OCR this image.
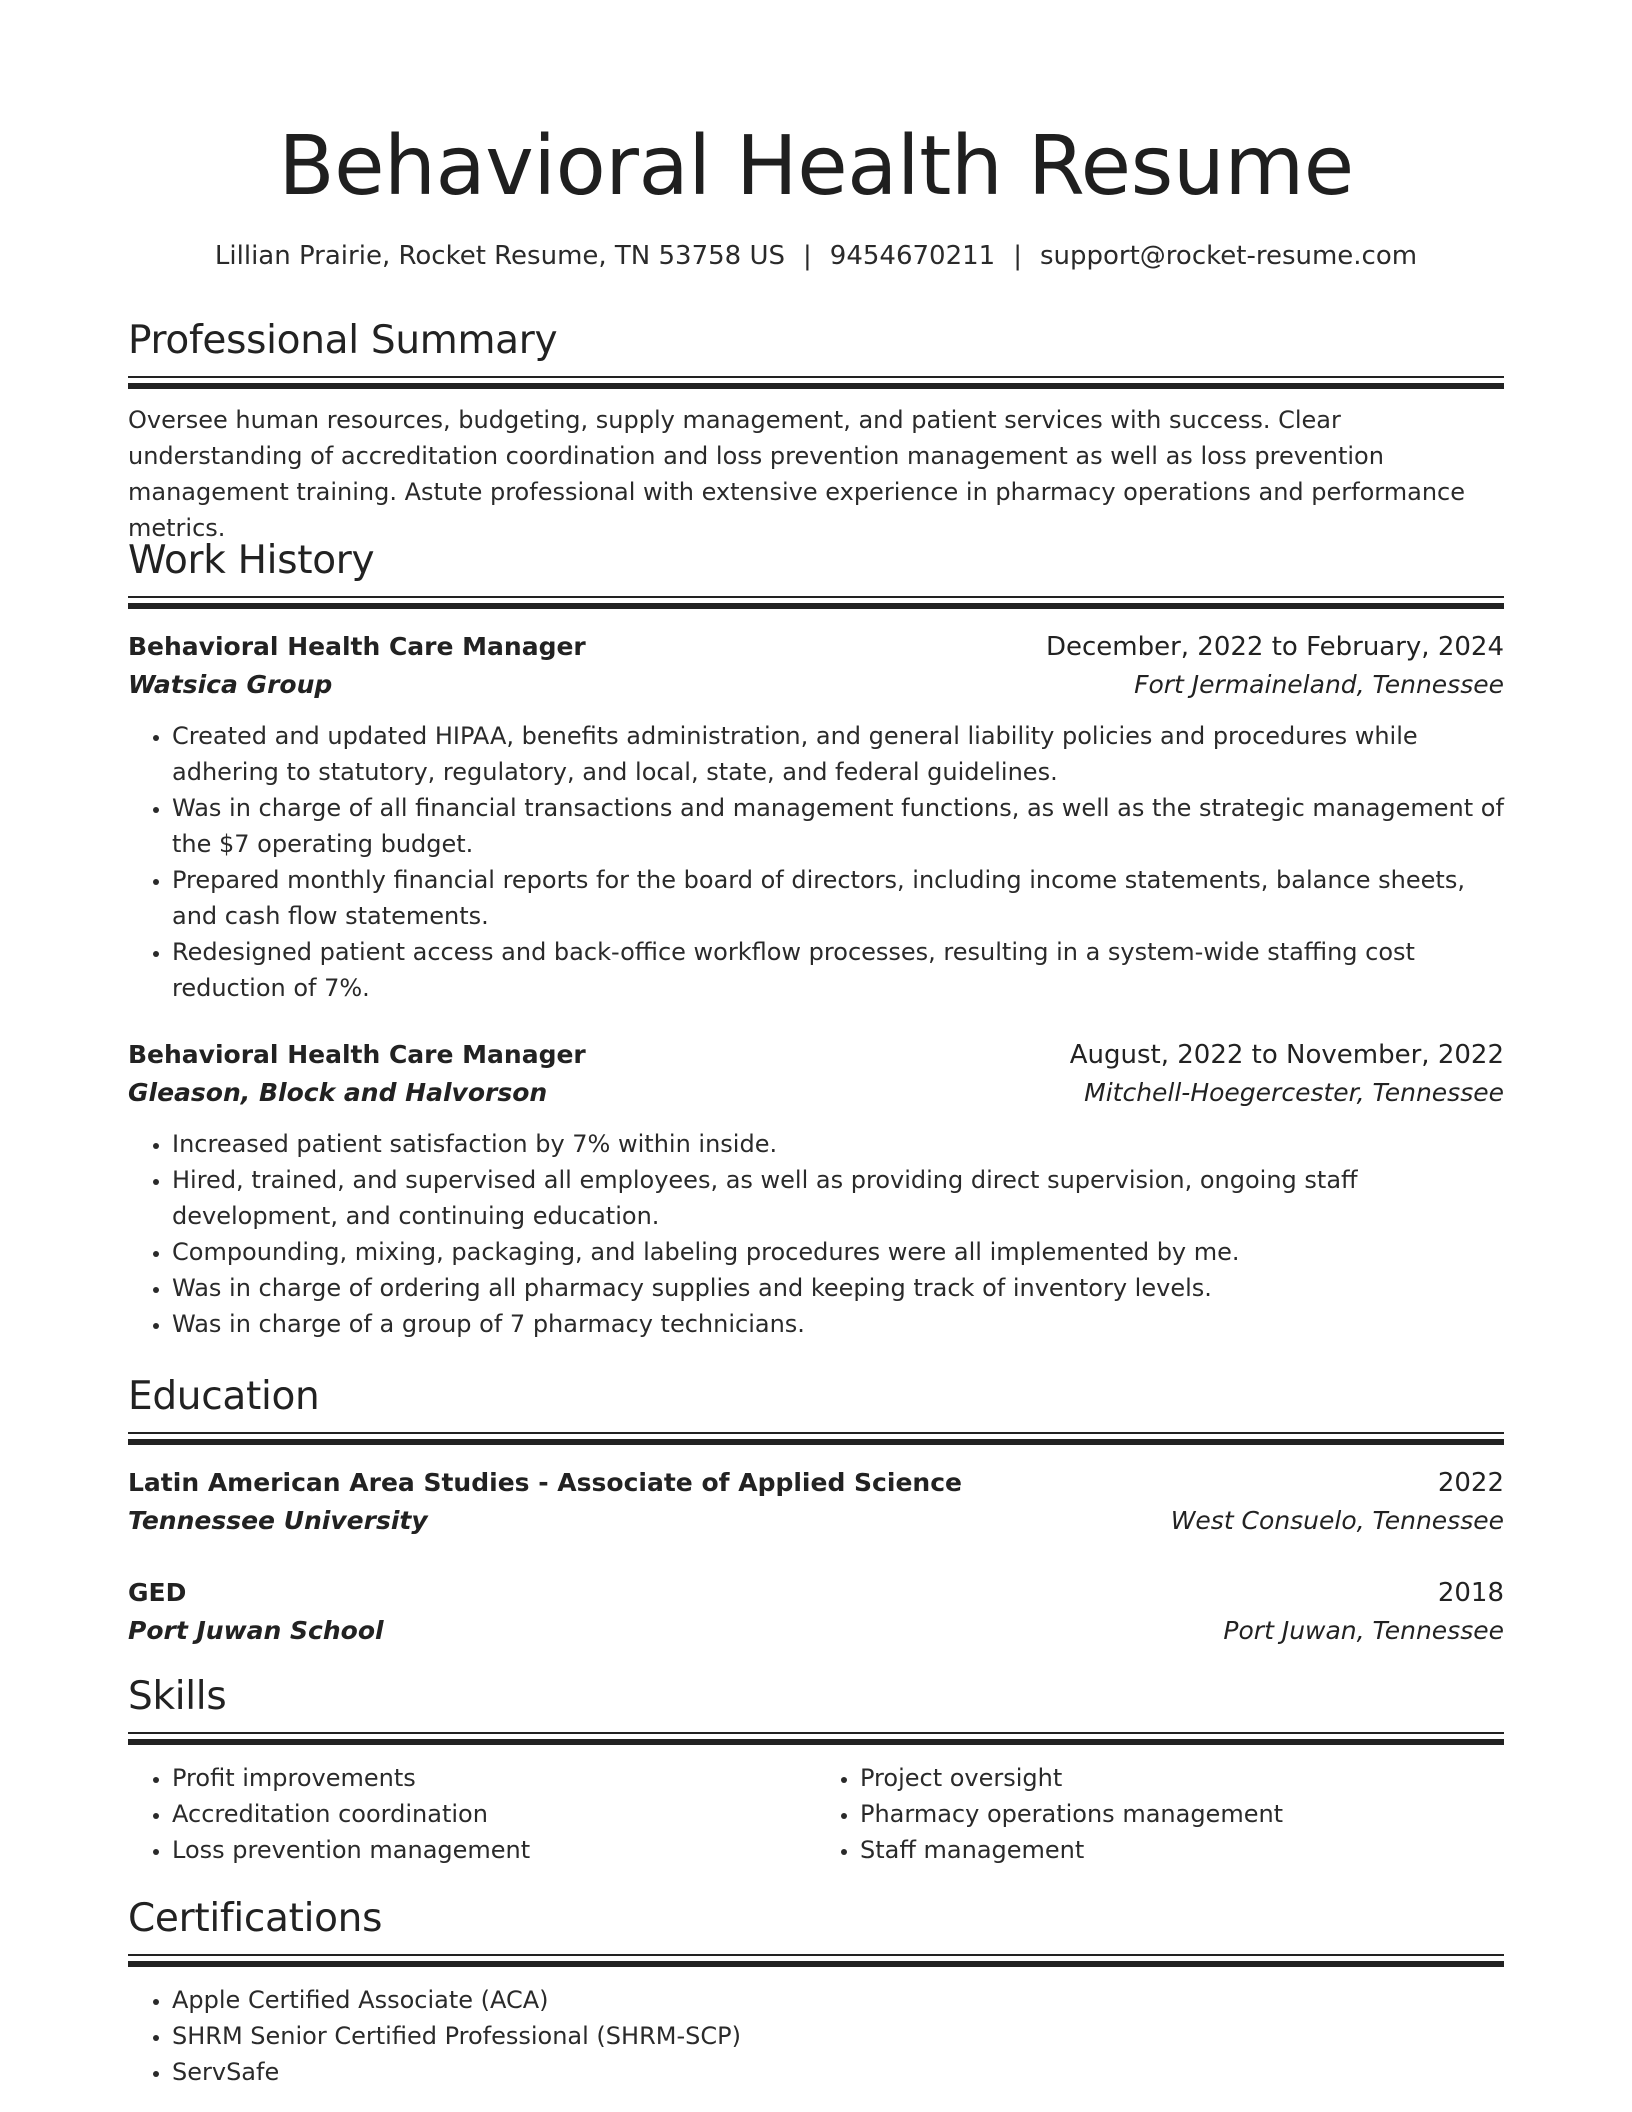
Behavioral Health Resume
Lillian Prairie, Rocket Resume, TN 53758 US | 9454670211 | support@rocket-resume.com
Professional Summary
Oversee human resources, budgeting, supply management, and patient services with success. Clear understanding of accreditation coordination and loss prevention management as well as loss prevention management training. Astute professional with extensive experience in pharmacy operations and performance metrics.
Work History
Behavioral Health Care Manager	December, 2022 to February, 2024
Watsica Group	Fort Jermaineland, Tennessee
• Created and updated HIPAA, benefits administration, and general liability policies and procedures while adhering to statutory, regulatory, and local, state, and federal guidelines.
• Was in charge of all financial transactions and management functions, as well as the strategic management of the $7 operating budget.
• Prepared monthly financial reports for the board of directors, including income statements, balance sheets, and cash flow statements.
• Redesigned patient access and back-office workflow processes, resulting in a system-wide staffing cost reduction of 7%.
Behavioral Health Care Manager	August, 2022 to November, 2022
Gleason, Block and Halvorson	Mitchell-Hoegercester, Tennessee
• Increased patient satisfaction by 7% within inside.
• Hired, trained, and supervised all employees, as well as providing direct supervision, ongoing staff development, and continuing education.
• Compounding, mixing, packaging, and labeling procedures were all implemented by me.
• Was in charge of ordering all pharmacy supplies and keeping track of inventory levels.
• Was in charge of a group of 7 pharmacy technicians.
Education
Latin American Area Studies - Associate of Applied Science	2022
Tennessee University	West Consuelo, Tennessee
GED	2018
Port Juwan School	Port Juwan, Tennessee
Skills
• Profit improvements
• Accreditation coordination
• Loss prevention management
• Project oversight
• Pharmacy operations management
• Staff management
Certifications
• Apple Certified Associate (ACA)
• SHRM Senior Certified Professional (SHRM-SCP)
• ServSafe
